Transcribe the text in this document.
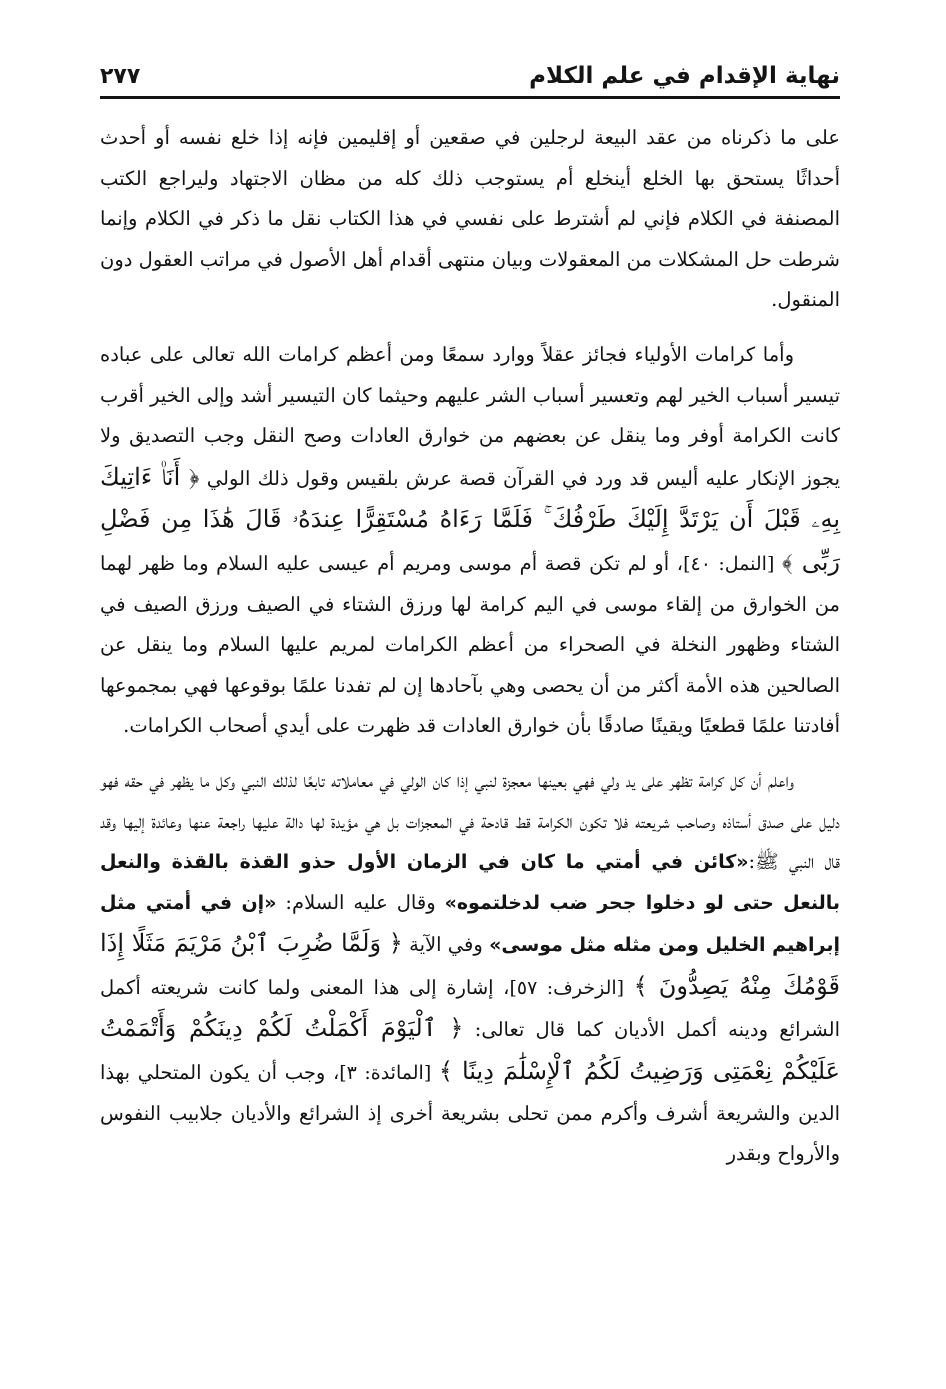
نهاية الإقدام في علم الكلام
٢٧٧

على ما ذكرناه من عقد البيعة لرجلين في صقعين أو إقليمين فإنه إذا خلع نفسه أو أحدث أحداثًا يستحق بها الخلع أينخلع أم يستوجب ذلك كله من مظان الاجتهاد وليراجع الكتب المصنفة في الكلام فإني لم أشترط على نفسي في هذا الكتاب نقل ما ذكر في الكلام وإنما شرطت حل المشكلات من المعقولات وبيان منتهى أقدام أهل الأصول في مراتب العقول دون المنقول.

وأما كرامات الأولياء فجائز عقلاً ووارد سمعًا ومن أعظم كرامات الله تعالى على عباده تيسير أسباب الخير لهم وتعسير أسباب الشر عليهم وحيثما كان التيسير أشد وإلى الخير أقرب كانت الكرامة أوفر وما ينقل عن بعضهم من خوارق العادات وصح النقل وجب التصديق ولا يجوز الإنكار عليه أليس قد ورد في القرآن قصة عرش بلقيس وقول ذلك الولي ﴿ أَنَا۠ ءَاتِيكَ بِهِۦ قَبْلَ أَن يَرْتَدَّ إِلَيْكَ طَرْفُكَ ۚ فَلَمَّا رَءَاهُ مُسْتَقِرًّا عِندَهُۥ قَالَ هَٰذَا مِن فَضْلِ رَبِّى ﴾ [النمل: ٤٠]، أو لم تكن قصة أم موسى ومريم أم عيسى عليه السلام وما ظهر لهما من الخوارق من إلقاء موسى في اليم كرامة لها ورزق الشتاء في الصيف ورزق الصيف في الشتاء وظهور النخلة في الصحراء من أعظم الكرامات لمريم عليها السلام وما ينقل عن الصالحين هذه الأمة أكثر من أن يحصى وهي بآحادها إن لم تفدنا علمًا بوقوعها فهي بمجموعها أفادتنا علمًا قطعيًا ويقينًا صادقًا بأن خوارق العادات قد ظهرت على أيدي أصحاب الكرامات.

واعلم أن كل كرامة تظهر على يد ولي فهي بعينها معجزة لنبي إذا كان الولي في معاملاته تابعًا لذلك النبي وكل ما يظهر في حقه فهو دليل على صدق أستاذه وصاحب شريعته فلا تكون الكرامة قط قادحة في المعجزات بل هي مؤيدة لها دالة عليها راجعة عنها وعائدة إليها وقد قال النبي ﷺ:«كائن في أمتي ما كان في الزمان الأول حذو القذة بالقذة والنعل بالنعل حتى لو دخلوا جحر ضب لدخلتموه» وقال عليه السلام: «إن في أمتي مثل إبراهيم الخليل ومن مثله مثل موسى» وفي الآية ﴿ وَلَمَّا ضُرِبَ ٱبْنُ مَرْيَمَ مَثَلًا إِذَا قَوْمُكَ مِنْهُ يَصِدُّونَ ﴾ [الزخرف: ٥٧]، إشارة إلى هذا المعنى ولما كانت شريعته أكمل الشرائع ودينه أكمل الأديان كما قال تعالى: ﴿ ٱلْيَوْمَ أَكْمَلْتُ لَكُمْ دِينَكُمْ وَأَتْمَمْتُ عَلَيْكُمْ نِعْمَتِى وَرَضِيتُ لَكُمُ ٱلْإِسْلَٰمَ دِينًا ﴾ [المائدة: ٣]، وجب أن يكون المتحلي بهذا الدين والشريعة أشرف وأكرم ممن تحلى بشريعة أخرى إذ الشرائع والأديان جلابيب النفوس والأرواح وبقدر
